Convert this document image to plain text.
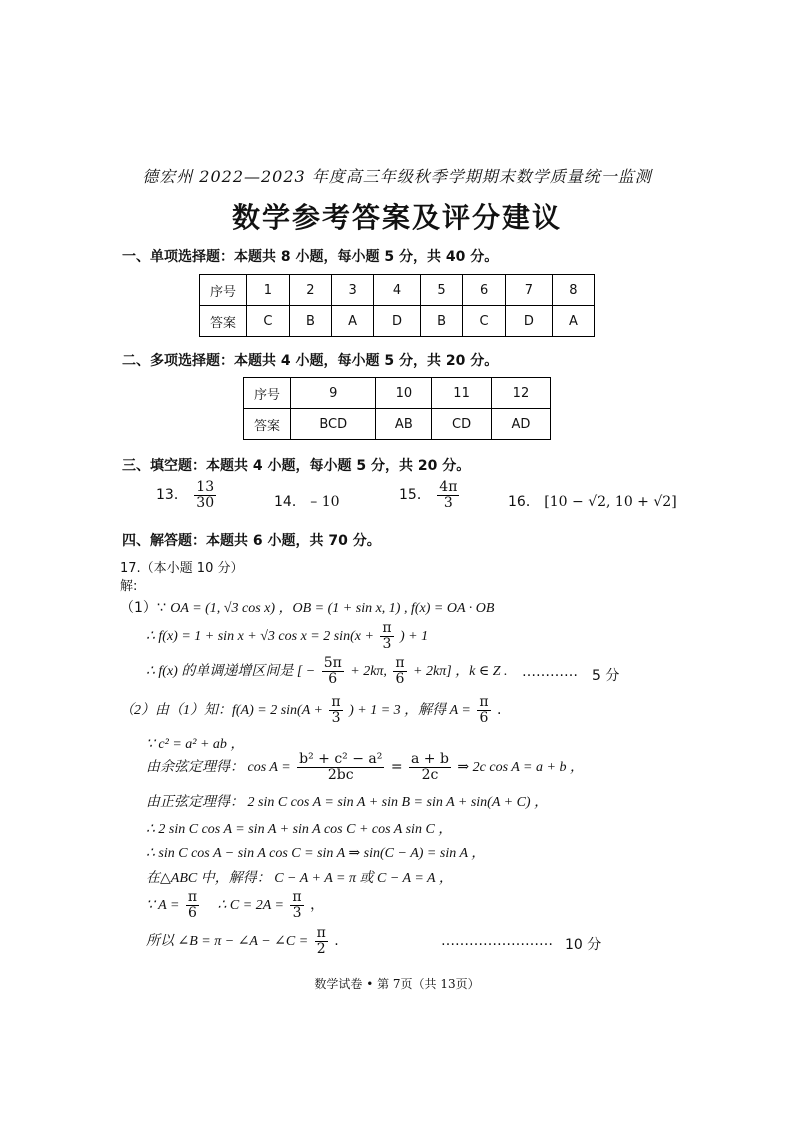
德宏州 2022—2023 年度高三年级秋季学期期末数学质量统一监测
数学参考答案及评分建议
一、单项选择题：本题共 8 小题，每小题 5 分，共 40 分。
序号	1	2	3	4	5	6	7	8
答案	C	B	A	D	B	C	D	A
二、多项选择题：本题共 4 小题，每小题 5 分，共 20 分。
序号	9	10	11	12
答案	BCD	AB	CD	AD
三、填空题：本题共 4 小题，每小题 5 分，共 20 分。
13． $\frac{13}{30}$	14． – 10	15． $\frac{4\pi}{3}$	16． [10 − √2, 10 + √2]
四、解答题：本题共 6 小题，共 70 分。
17.（本小题 10 分）
解:
（1）∵ OA = (1, √3 cos x) ，OB = (1 + sin x, 1) , f(x) = OA · OB
∴ f(x) = 1 + sin x + √3 cos x = 2 $\sin(x + \frac{\pi}{3}$ ) + 1
∴ f(x) 的单调递增区间是 [ − $\frac{5\pi}{6} + 2k\pi$, $\frac{\pi}{6} + 2k\pi$] ，k ∈ Z . ………… 5 分
（2）由（1）知：f(A) = 2 $\sin(A + \frac{\pi}{3}$ ) + 1 = 3 ，解得 $A = \frac{\pi}{6}$ .
∵ c² = a² + ab ，
由余弦定理得： $\cos A = \frac{\text{b² + c² − a²}}{2bc} = \frac{a + b}{2c}$ ⇒ 2c cos A = a + b ，
由正弦定理得： 2 sin C cos A = sin A + sin B = sin A + sin(A + C) ，
∴ 2 sin C cos A = sin A + sin A cos C + cos A sin C ，
∴ sin C cos A − sin A cos C = sin A ⇒ sin(C − A) = sin A ，
在△ABC 中，解得： C − A + A = π 或 C − A = A ，
∵ $A = \frac{\pi}{6}$ ∴ $C = 2A = \frac{\pi}{3}$ ，
所以 ∠B = π − ∠A − ∠C = $\frac{\pi}{2}$ .	…………………… 10 分
数学试卷 • 第 7页（共 13页）
